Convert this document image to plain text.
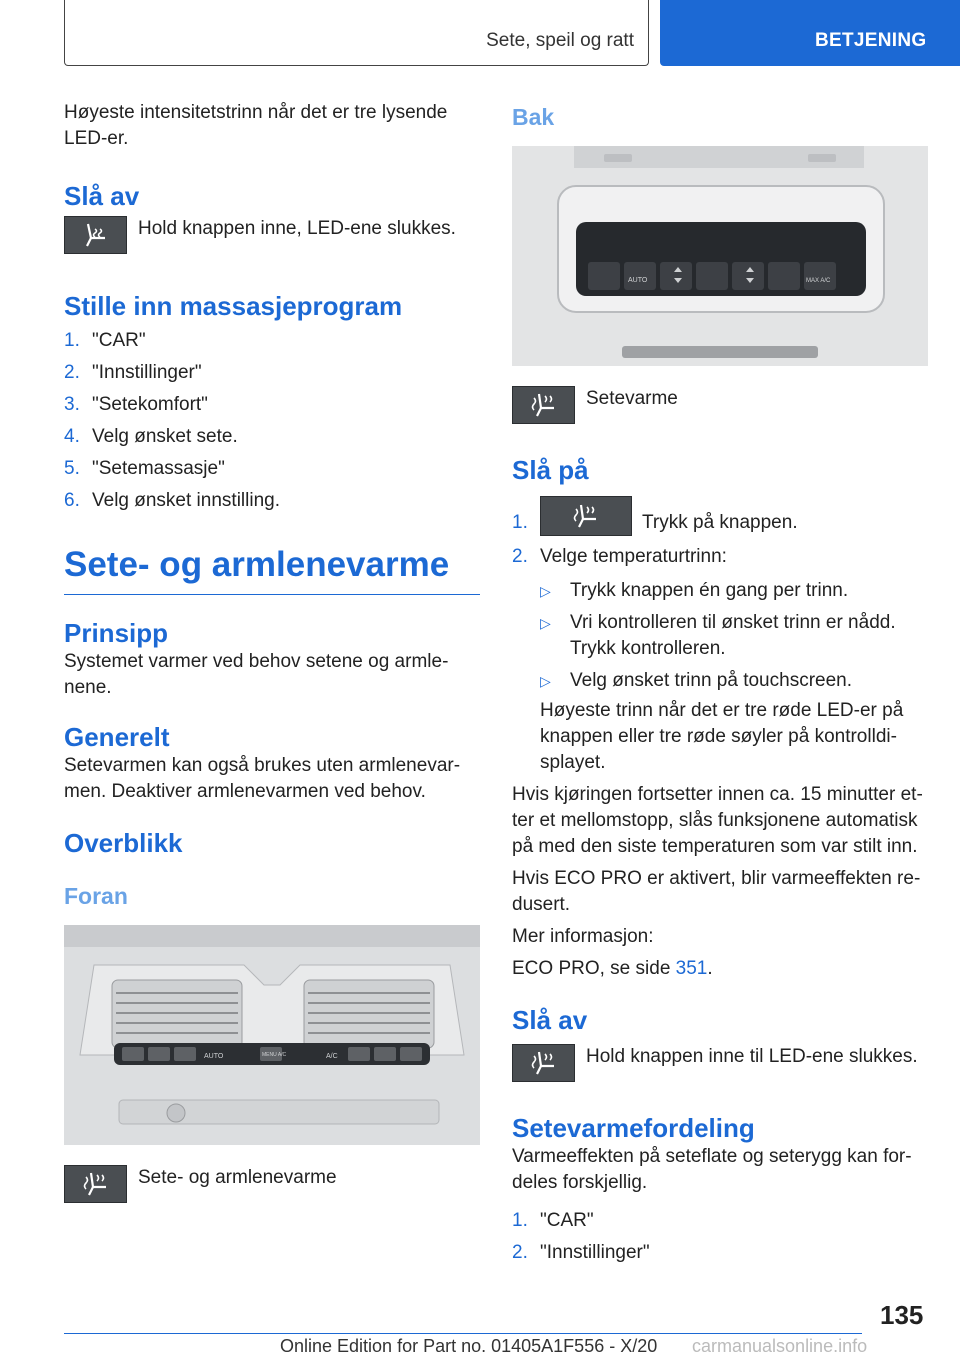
Sete, speil og ratt	BETJENING

Høyeste intensitetstrinn når det er tre lysende LED-er.

Slå av
Hold knappen inne, LED-ene slukkes.
Stille inn massasjeprogram
1. "CAR"
2. "Innstillinger"
3. "Setekomfort"
4. Velg ønsket sete.
5. "Setemassasje"
6. Velg ønsket innstilling.
Sete- og armlenevarme
Prinsipp

Systemet varmer ved behov setene og armlenene.

Generelt

Setevarmen kan også brukes uten armlenevarmen. Deaktiver armlenevarmen ved behov.

Overblikk
Foran
AUTO	MENU A/C	A/C
Sete- og armlenevarme
Bak
AUTO	MAX A/C
Setevarme
Slå på
1.	Trykk på knappen.
2. Velge temperaturtrinn:
▷	Trykk knappen én gang per trinn.
▷	Vri kontrolleren til ønsket trinn er nådd. Trykk kontrolleren.
▷	Velg ønsket trinn på touchscreen.

Høyeste trinn når det er tre røde LED-er på knappen eller tre røde søyler på kontrolldisplayet.

Hvis kjøringen fortsetter innen ca. 15 minutter etter et mellomstopp, slås funksjonene automatisk på med den siste temperaturen som var stilt inn.

Hvis ECO PRO er aktivert, blir varmeeffekten redusert.

Mer informasjon:

ECO PRO, se side 351.

Slå av
Hold knappen inne til LED-ene slukkes.
Setevarmefordeling

Varmeeffekten på seteflate og seterygg kan fordeles forskjellig.

1. "CAR"
2. "Innstillinger"
135
Online Edition for Part no. 01405A1F556 - X/20 carmanualsonline.info
